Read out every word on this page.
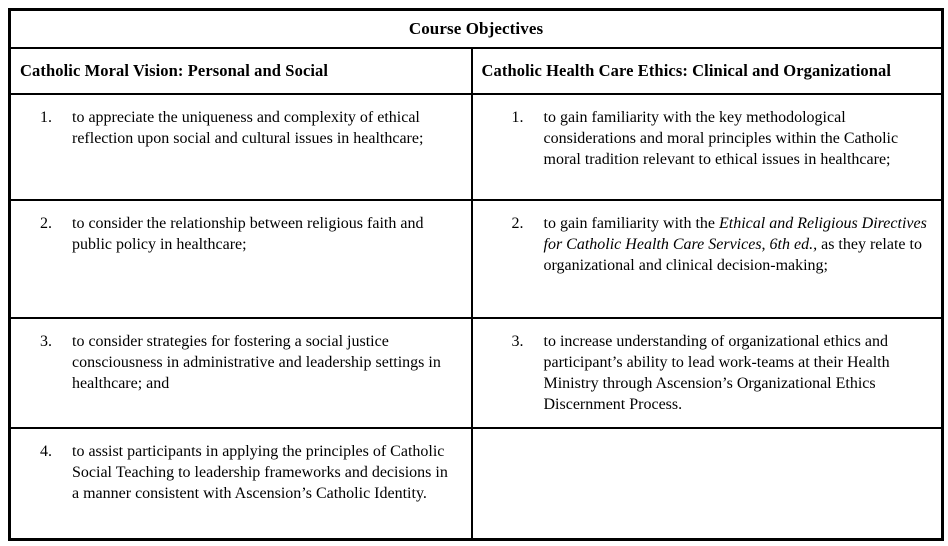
Course Objectives	
Catholic Moral Vision: Personal and Social	Catholic Health Care Ethics: Clinical and Organizational

1. to appreciate the uniqueness and complexity of ethical reflection upon social and cultural issues in healthcare;	1. to gain familiarity with the key methodological considerations and moral principles within the Catholic moral tradition relevant to ethical issues in healthcare;

2. to consider the relationship between religious faith and public policy in healthcare;	2. to gain familiarity with the Ethical and Religious Directives for Catholic Health Care Services, 6th ed., as they relate to organizational and clinical decision-making;

3. to consider strategies for fostering a social justice consciousness in administrative and leadership settings in healthcare; and	3. to increase understanding of organizational ethics and participant’s ability to lead work-teams at their Health Ministry through Ascension’s Organizational Ethics Discernment Process.

4. to assist participants in applying the principles of Catholic Social Teaching to leadership frameworks and decisions in a manner consistent with Ascension’s Catholic Identity.	
